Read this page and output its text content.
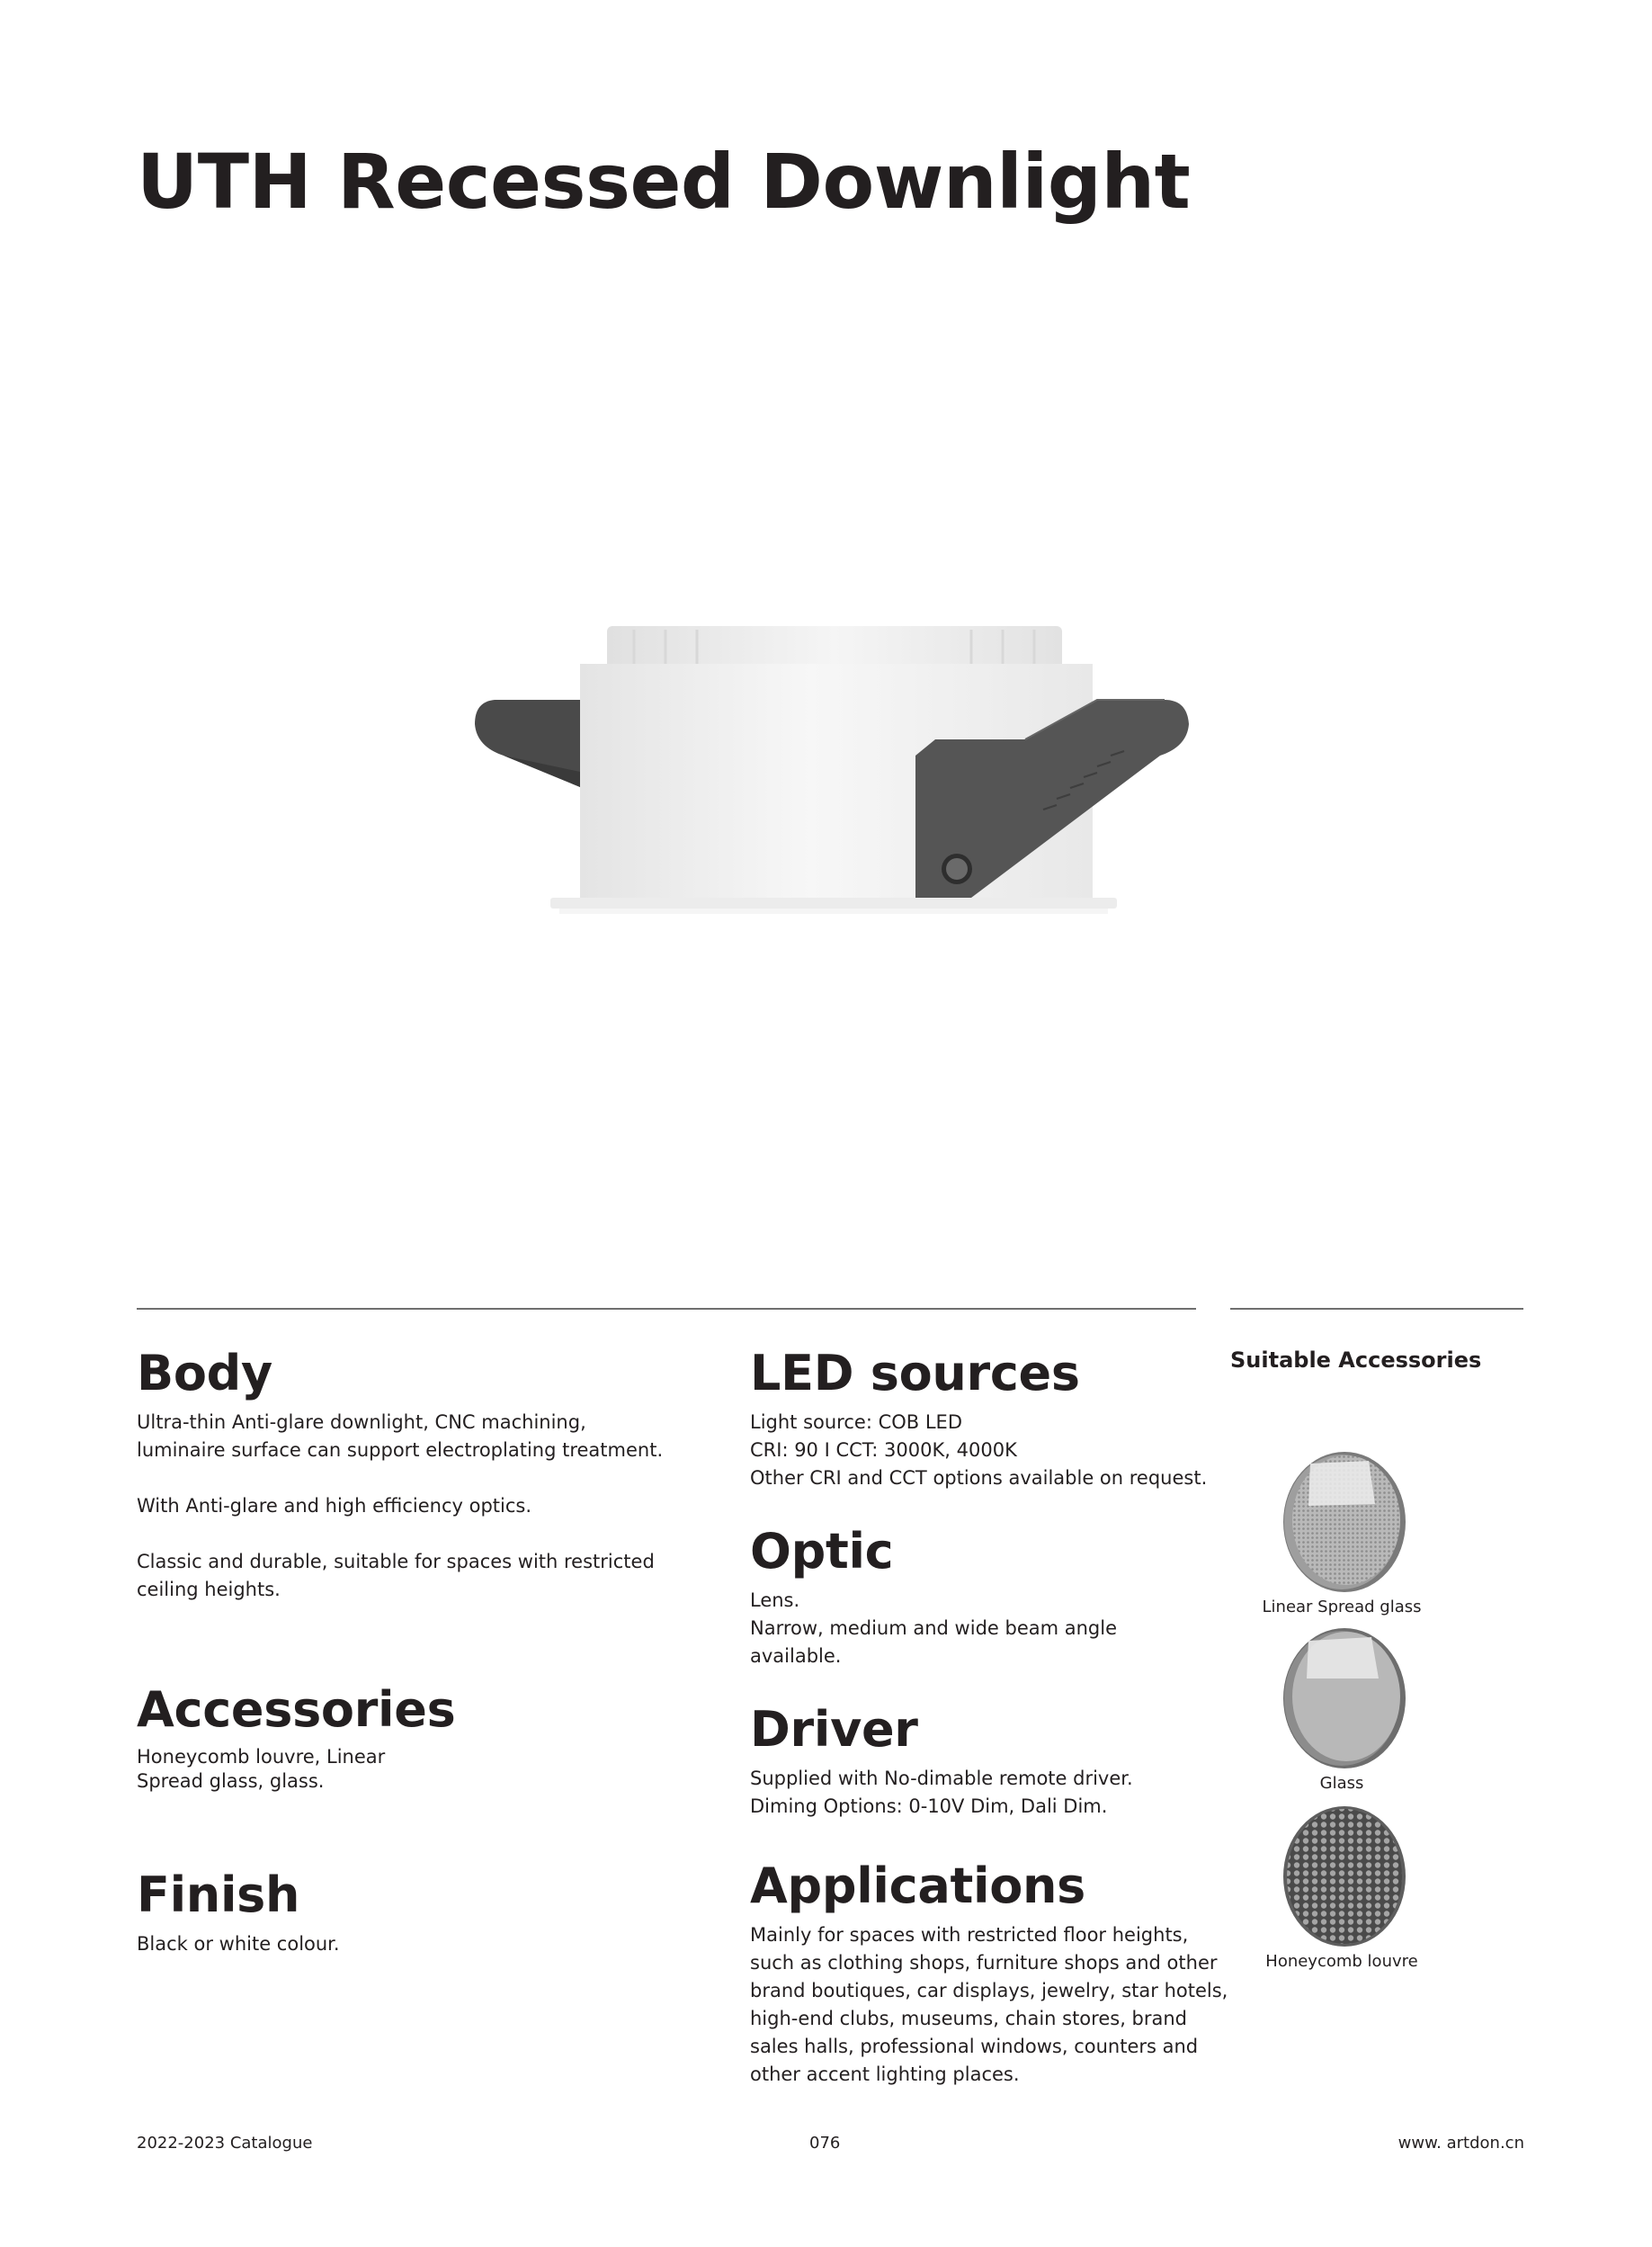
UTH Recessed Downlight
Body

Ultra-thin Anti-glare downlight, CNC machining,

luminaire surface can support electroplating treatment.

With Anti-glare and high efficiency optics.

Classic and durable, suitable for spaces with restricted

ceiling heights.

Accessories

Honeycomb louvre, Linear

Spread glass, glass.

Finish

Black or white colour.

LED sources

Light source: COB LED

CRI: 90 I CCT: 3000K, 4000K

Other CRI and CCT options available on request.

Optic

Lens.

Narrow, medium and wide beam angle

available.

Driver

Supplied with No-dimable remote driver.

Diming Options: 0-10V Dim, Dali Dim.

Applications

Mainly for spaces with restricted floor heights,

such as clothing shops, furniture shops and other

brand boutiques, car displays, jewelry, star hotels,

high-end clubs, museums, chain stores, brand

sales halls, professional windows, counters and

other accent lighting places.

Suitable Accessories
Linear Spread glass
Glass
Honeycomb louvre
2022-2023 Catalogue	076	www. artdon.cn
